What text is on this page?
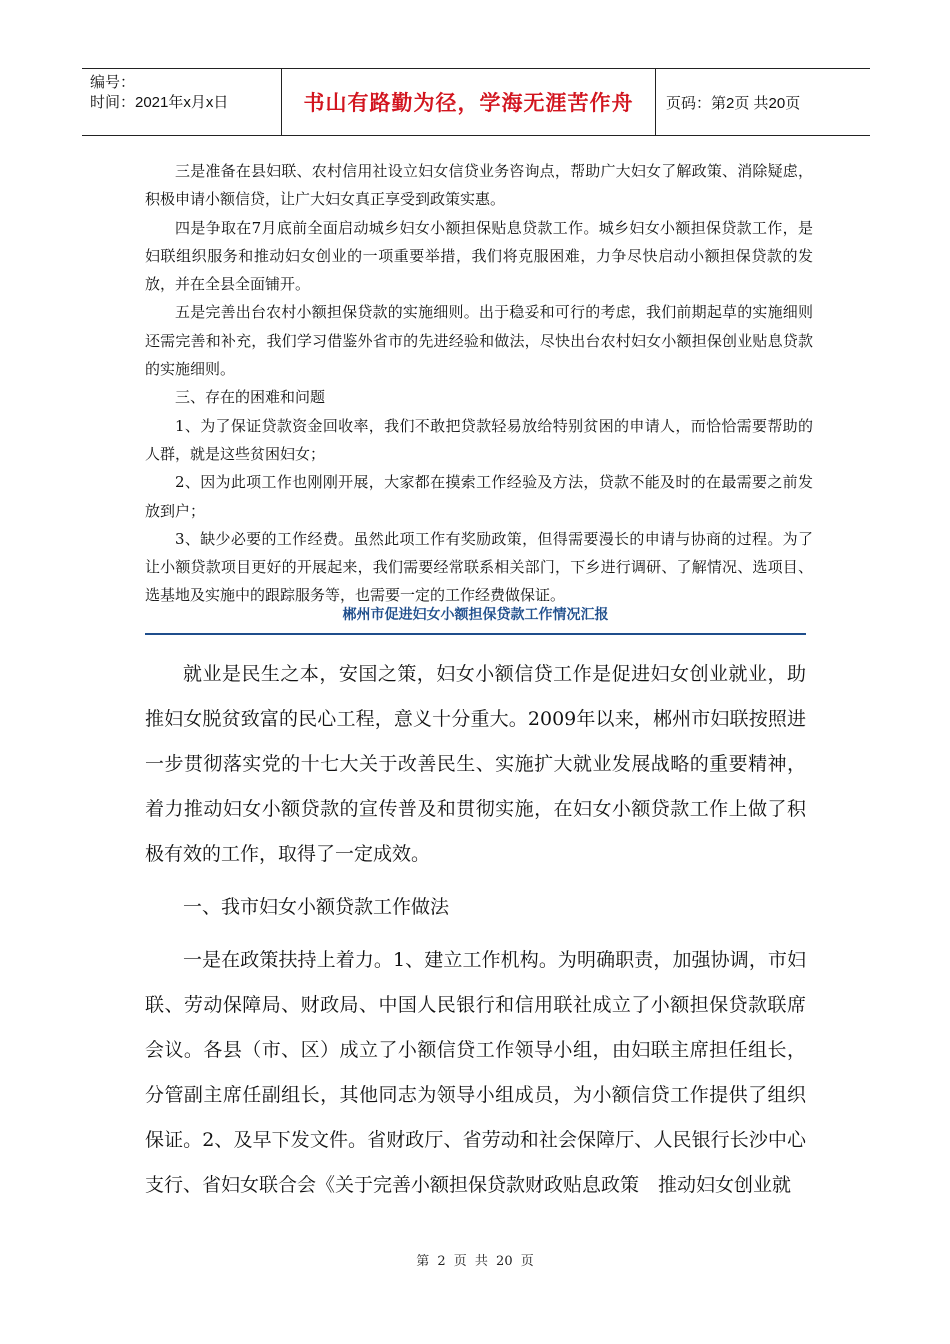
编号：
时间：2021年x月x日	书山有路勤为径，学海无涯苦作舟 页码：第2页 共20页

三是准备在县妇联、农村信用社设立妇女信贷业务咨询点，帮助广大妇女了解政策、消除疑虑，积极申请小额信贷，让广大妇女真正享受到政策实惠。

四是争取在7月底前全面启动城乡妇女小额担保贴息贷款工作。城乡妇女小额担保贷款工作，是妇联组织服务和推动妇女创业的一项重要举措，我们将克服困难，力争尽快启动小额担保贷款的发放，并在全县全面铺开。

五是完善出台农村小额担保贷款的实施细则。出于稳妥和可行的考虑，我们前期起草的实施细则还需完善和补充，我们学习借鉴外省市的先进经验和做法，尽快出台农村妇女小额担保创业贴息贷款的实施细则。

三、存在的困难和问题

1、为了保证贷款资金回收率，我们不敢把贷款轻易放给特别贫困的申请人，而恰恰需要帮助的人群，就是这些贫困妇女；

2、因为此项工作也刚刚开展，大家都在摸索工作经验及方法，贷款不能及时的在最需要之前发放到户；

3、缺少必要的工作经费。虽然此项工作有奖励政策，但得需要漫长的申请与协商的过程。为了让小额贷款项目更好的开展起来，我们需要经常联系相关部门，下乡进行调研、了解情况、选项目、选基地及实施中的跟踪服务等，也需要一定的工作经费做保证。

郴州市促进妇女小额担保贷款工作情况汇报

就业是民生之本，安国之策，妇女小额信贷工作是促进妇女创业就业，助推妇女脱贫致富的民心工程，意义十分重大。2009年以来，郴州市妇联按照进一步贯彻落实党的十七大关于改善民生、实施扩大就业发展战略的重要精神，着力推动妇女小额贷款的宣传普及和贯彻实施，在妇女小额贷款工作上做了积极有效的工作，取得了一定成效。

一、我市妇女小额贷款工作做法

一是在政策扶持上着力。1、建立工作机构。为明确职责，加强协调，市妇联、劳动保障局、财政局、中国人民银行和信用联社成立了小额担保贷款联席会议。各县（市、区）成立了小额信贷工作领导小组，由妇联主席担任组长，分管副主席任副组长，其他同志为领导小组成员，为小额信贷工作提供了组织保证。2、及早下发文件。省财政厅、省劳动和社会保障厅、人民银行长沙中心支行、省妇女联合会《关于完善小额担保贷款财政贴息政策　推动妇女创业就

第 2 页 共 20 页
